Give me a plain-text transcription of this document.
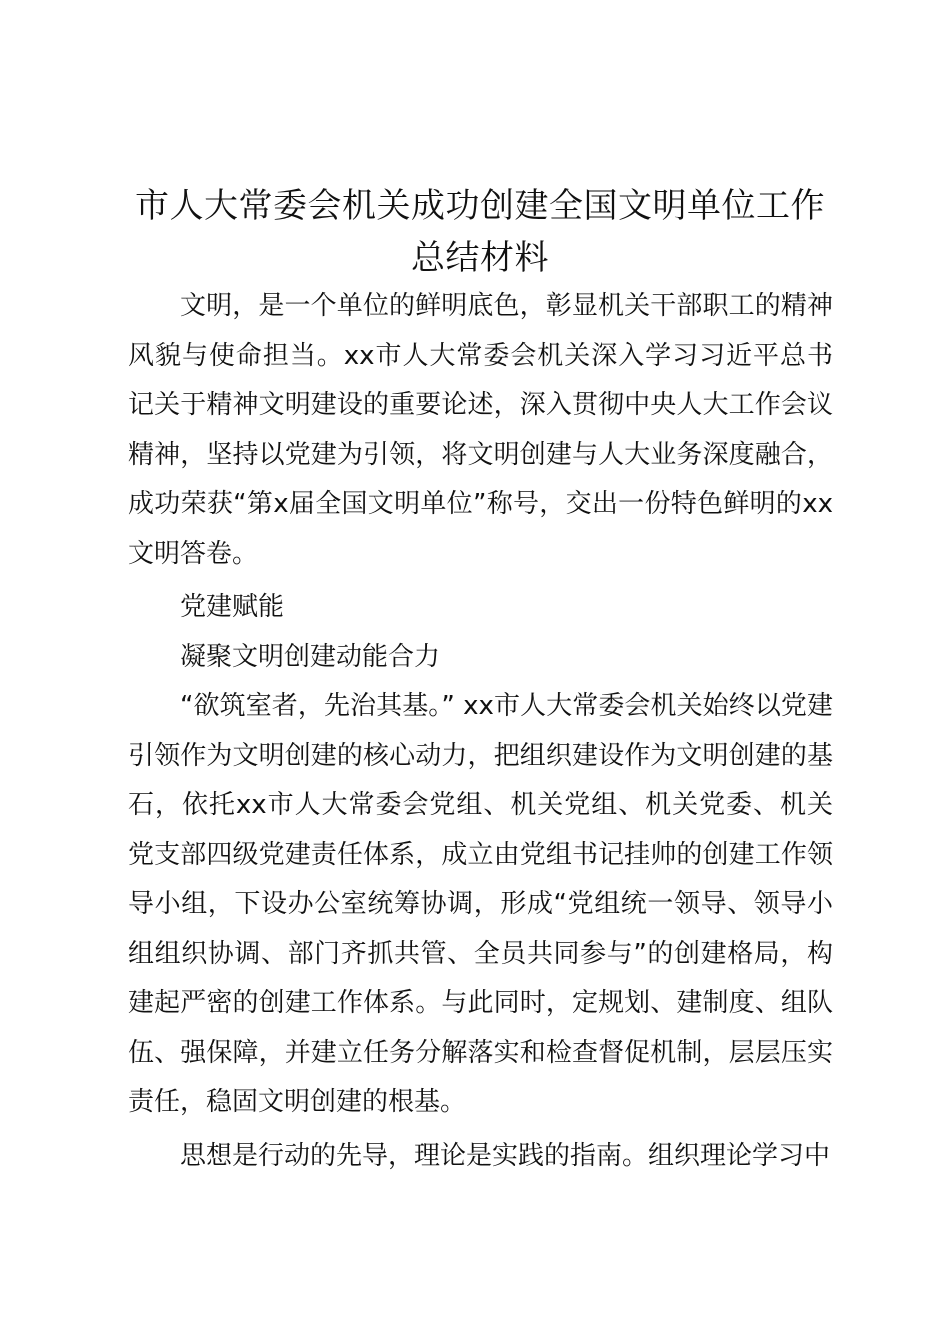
市人大常委会机关成功创建全国文明单位工作总结材料

文明，是一个单位的鲜明底色，彰显机关干部职工的精神风貌与使命担当。xx市人大常委会机关深入学习习近平总书记关于精神文明建设的重要论述，深入贯彻中央人大工作会议精神，坚持以党建为引领，将文明创建与人大业务深度融合，成功荣获“第x届全国文明单位”称号，交出一份特色鲜明的xx文明答卷。

党建赋能

凝聚文明创建动能合力

“欲筑室者，先治其基。” xx市人大常委会机关始终以党建引领作为文明创建的核心动力，把组织建设作为文明创建的基石，依托xx市人大常委会党组、机关党组、机关党委、机关党支部四级党建责任体系，成立由党组书记挂帅的创建工作领导小组，下设办公室统筹协调，形成“党组统一领导、领导小组组织协调、部门齐抓共管、全员共同参与”的创建格局，构建起严密的创建工作体系。与此同时，定规划、建制度、组队伍、强保障，并建立任务分解落实和检查督促机制，层层压实责任，稳固文明创建的根基。

思想是行动的先导，理论是实践的指南。组织理论学习中
